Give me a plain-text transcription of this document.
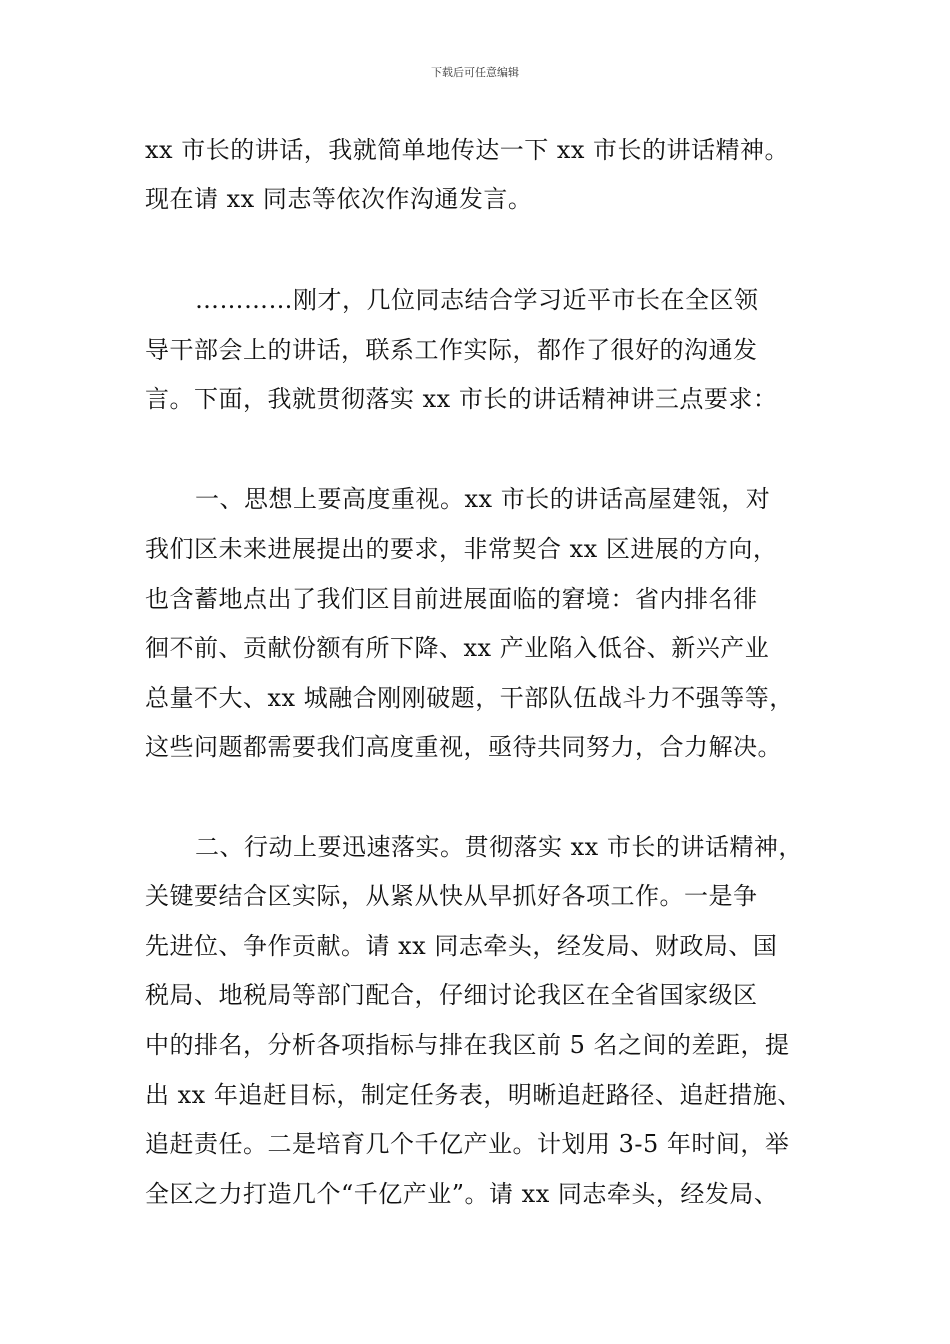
下载后可任意编辑
xx 市长的讲话，我就简单地传达一下 xx 市长的讲话精神。
现在请 xx 同志等依次作沟通发言。
…………刚才，几位同志结合学习近平市长在全区领
导干部会上的讲话，联系工作实际，都作了很好的沟通发
言。下面，我就贯彻落实 xx 市长的讲话精神讲三点要求：
一、思想上要高度重视。xx 市长的讲话高屋建瓴，对
我们区未来进展提出的要求，非常契合 xx 区进展的方向，
也含蓄地点出了我们区目前进展面临的窘境：省内排名徘
徊不前、贡献份额有所下降、xx 产业陷入低谷、新兴产业
总量不大、xx 城融合刚刚破题，干部队伍战斗力不强等等，
这些问题都需要我们高度重视，亟待共同努力，合力解决。
二、行动上要迅速落实。贯彻落实 xx 市长的讲话精神，
关键要结合区实际，从紧从快从早抓好各项工作。一是争
先进位、争作贡献。请 xx 同志牵头，经发局、财政局、国
税局、地税局等部门配合，仔细讨论我区在全省国家级区
中的排名，分析各项指标与排在我区前 5 名之间的差距，提
出 xx 年追赶目标，制定任务表，明晰追赶路径、追赶措施、
追赶责任。二是培育几个千亿产业。计划用 3-5 年时间，举
全区之力打造几个“千亿产业”。请 xx 同志牵头，经发局、
